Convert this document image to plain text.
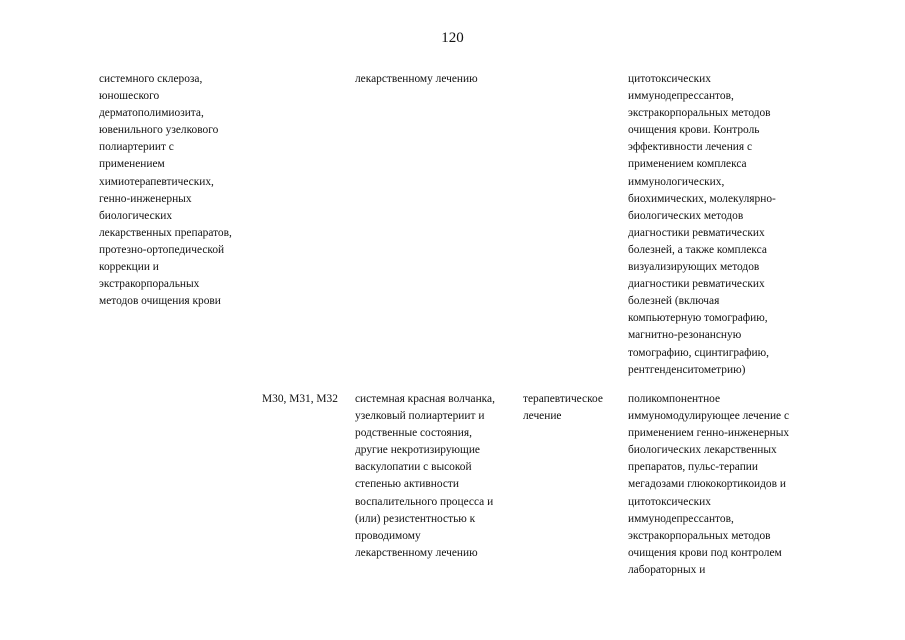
120
системного склероза,
юношеского
дерматополимиозита,
ювенильного узелкового
полиартериит с
применением
химиотерапевтических,
генно-инженерных
биологических
лекарственных препаратов,
протезно-ортопедической
коррекции и
экстракорпоральных
методов очищения крови
лекарственному лечению	цитотоксических
иммунодепрессантов,
экстракорпоральных методов
очищения крови. Контроль
эффективности лечения с
применением комплекса
иммунологических,
биохимических, молекулярно-
биологических методов
диагностики ревматических
болезней, а также комплекса
визуализирующих методов
диагностики ревматических
болезней (включая
компьютерную томографию,
магнитно-резонансную
томографию, сцинтиграфию,
рентгенденситометрию)
M30, M31, M32	системная красная волчанка,
узелковый полиартериит и
родственные состояния,
другие некротизирующие
васкулопатии с высокой
степенью активности
воспалительного процесса и
(или) резистентностью к
проводимому
лекарственному лечению
терапевтическое
лечение
поликомпонентное
иммуномодулирующее лечение с
применением генно-инженерных
биологических лекарственных
препаратов, пульс-терапии
мегадозами глюкокортикоидов и
цитотоксических
иммунодепрессантов,
экстракорпоральных методов
очищения крови под контролем
лабораторных и
